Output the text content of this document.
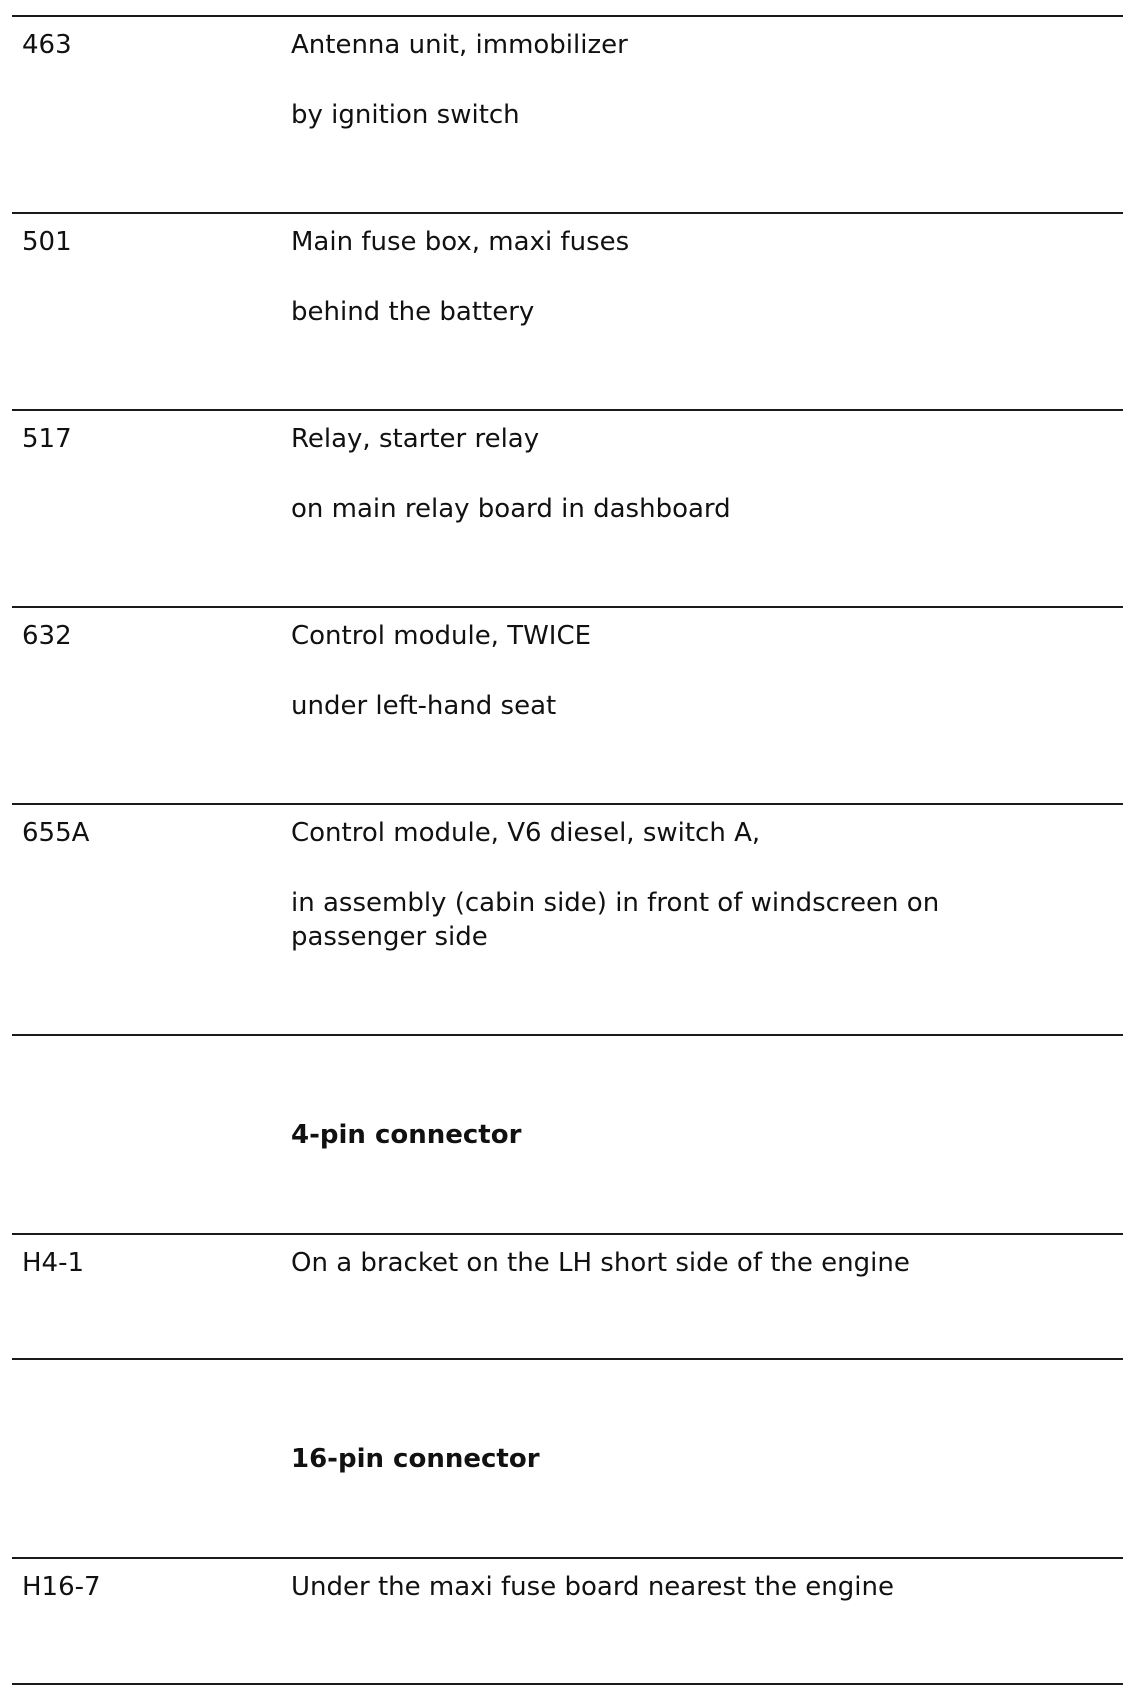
463	Antenna unit, immobilizer
by ignition switch
501	Main fuse box, maxi fuses
behind the battery
517	Relay, starter relay
on main relay board in dashboard
632	Control module, TWICE
under left-hand seat
655A	Control module, V6 diesel, switch A,
in assembly (cabin side) in front of windscreen on passenger side
4-pin connector
H4-1	On a bracket on the LH short side of the engine
16-pin connector
H16-7	Under the maxi fuse board nearest the engine
